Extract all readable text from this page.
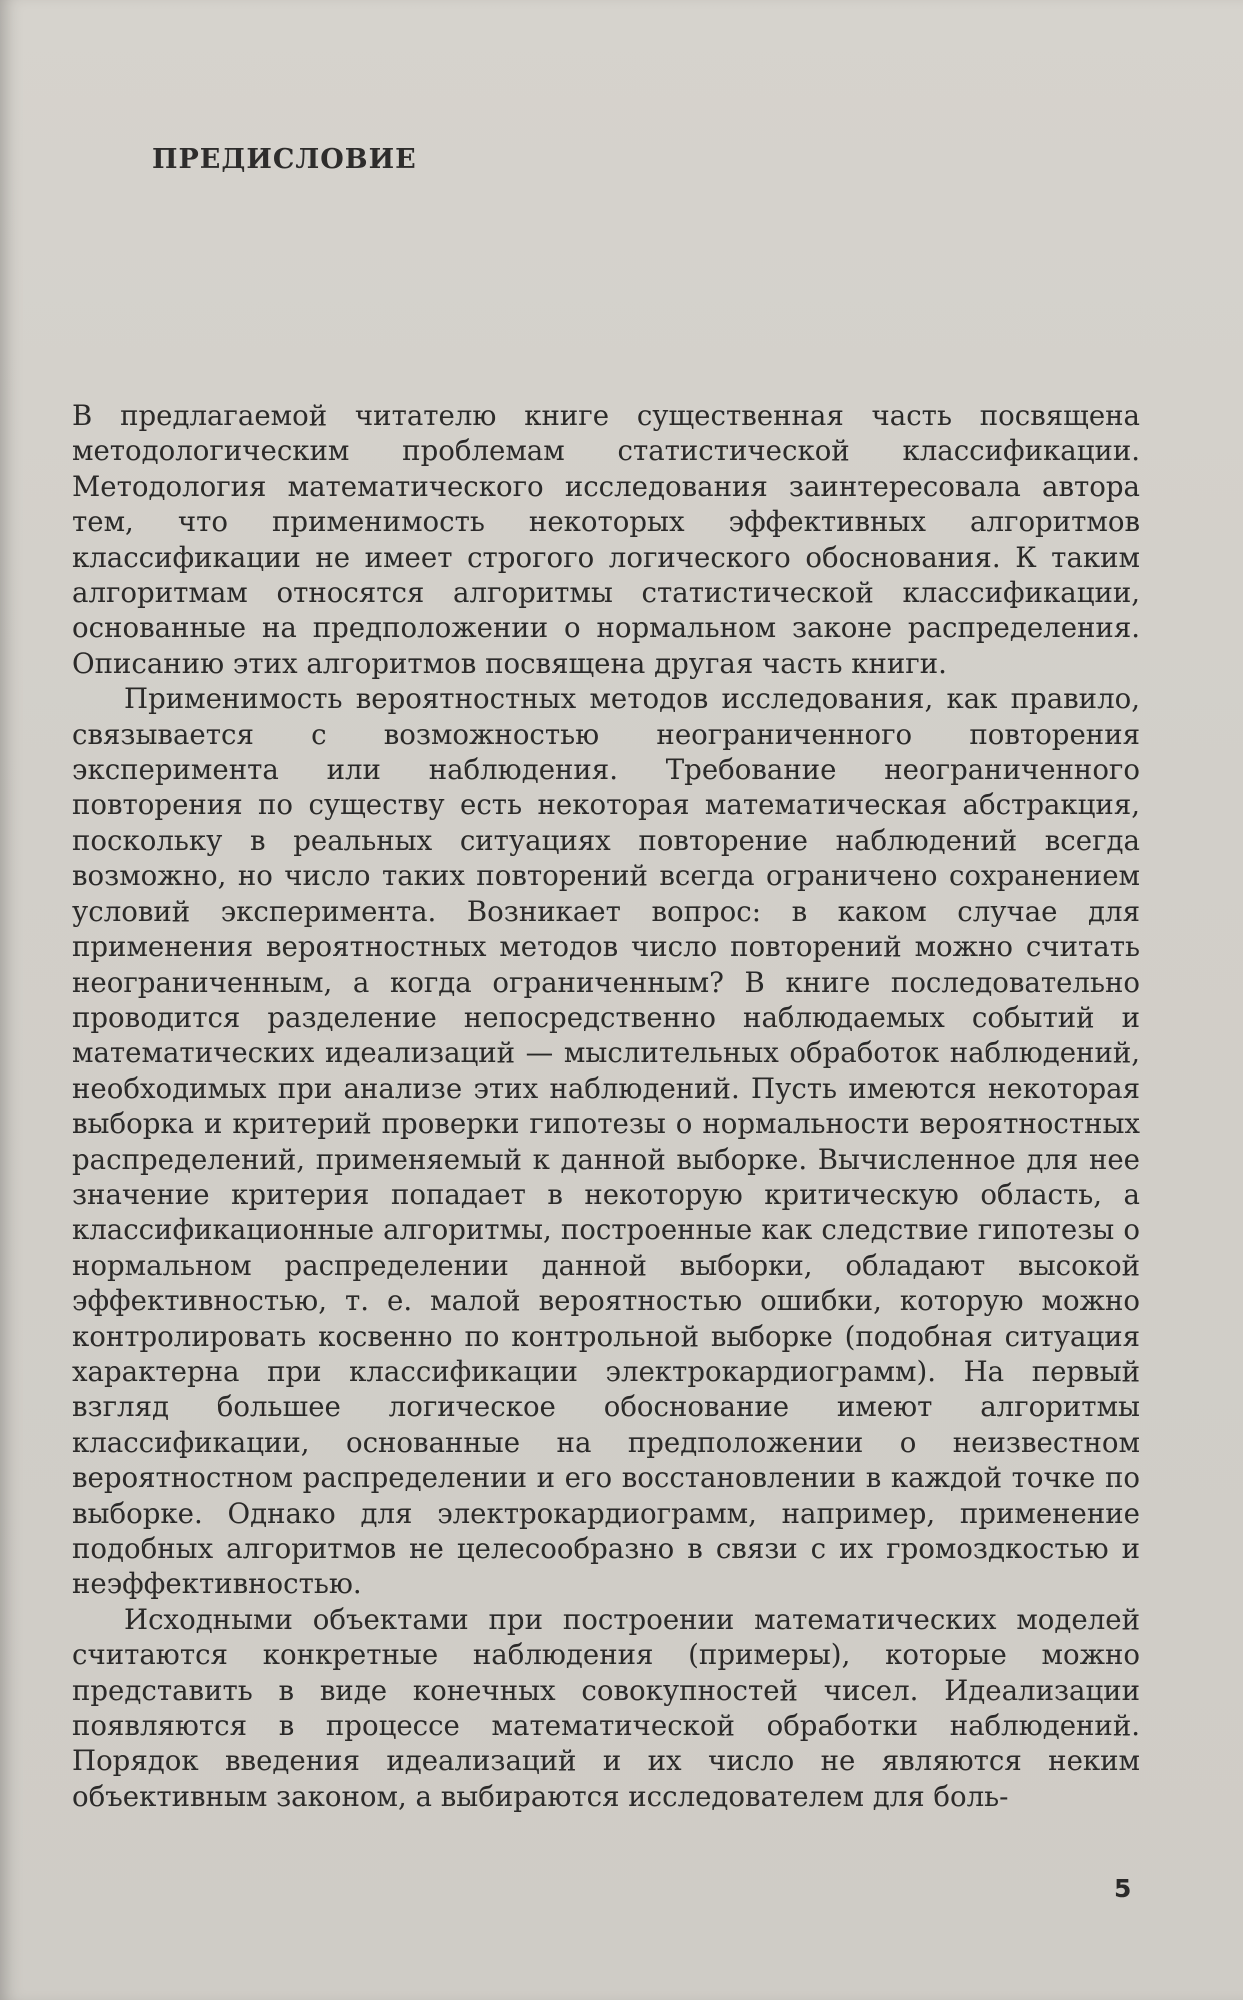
ПРЕДИСЛОВИЕ

В предлагаемой читателю книге существенная часть посвящена методологическим проблемам статистической классификации. Методология математического исследования заинтересовала автора тем, что применимость некоторых эффективных алгоритмов классификации не имеет строгого логического обоснования. К таким алгоритмам относятся алгоритмы статистической классификации, основанные на предположении о нормальном законе распределения. Описанию этих алгоритмов посвящена другая часть книги.

Применимость вероятностных методов исследования, как правило, связывается с возможностью неограниченного повторения эксперимента или наблюдения. Требование неограниченного повторения по существу есть некоторая математическая абстракция, поскольку в реальных ситуациях повторение наблюдений всегда возможно, но число таких повторений всегда ограничено сохранением условий эксперимента. Возникает вопрос: в каком случае для применения вероятностных методов число повторений можно считать неограниченным, а когда ограниченным? В книге последовательно проводится разделение непосредственно наблюдаемых событий и математических идеализаций — мыслительных обработок наблюдений, необходимых при анализе этих наблюдений. Пусть имеются некоторая выборка и критерий проверки гипотезы о нормальности вероятностных распределений, применяемый к данной выборке. Вычисленное для нее значение критерия попадает в некоторую критическую область, а классификационные алгоритмы, построенные как следствие гипотезы о нормальном распределении данной выборки, обладают высокой эффективностью, т. е. малой вероятностью ошибки, которую можно контролировать косвенно по контрольной выборке (подобная ситуация характерна при классификации электрокардиограмм). На первый взгляд большее логическое обоснование имеют алгоритмы классификации, основанные на предположении о неизвестном вероятностном распределении и его восстановлении в каждой точке по выборке. Однако для электрокардиограмм, например, применение подобных алгоритмов не целесообразно в связи с их громоздкостью и неэффективностью.

Исходными объектами при построении математических моделей считаются конкретные наблюдения (примеры), которые можно представить в виде конечных совокупностей чисел. Идеализации появляются в процессе математической обработки наблюдений. Порядок введения идеализаций и их число не являются неким объективным законом, а выбираются исследователем для боль-

5
